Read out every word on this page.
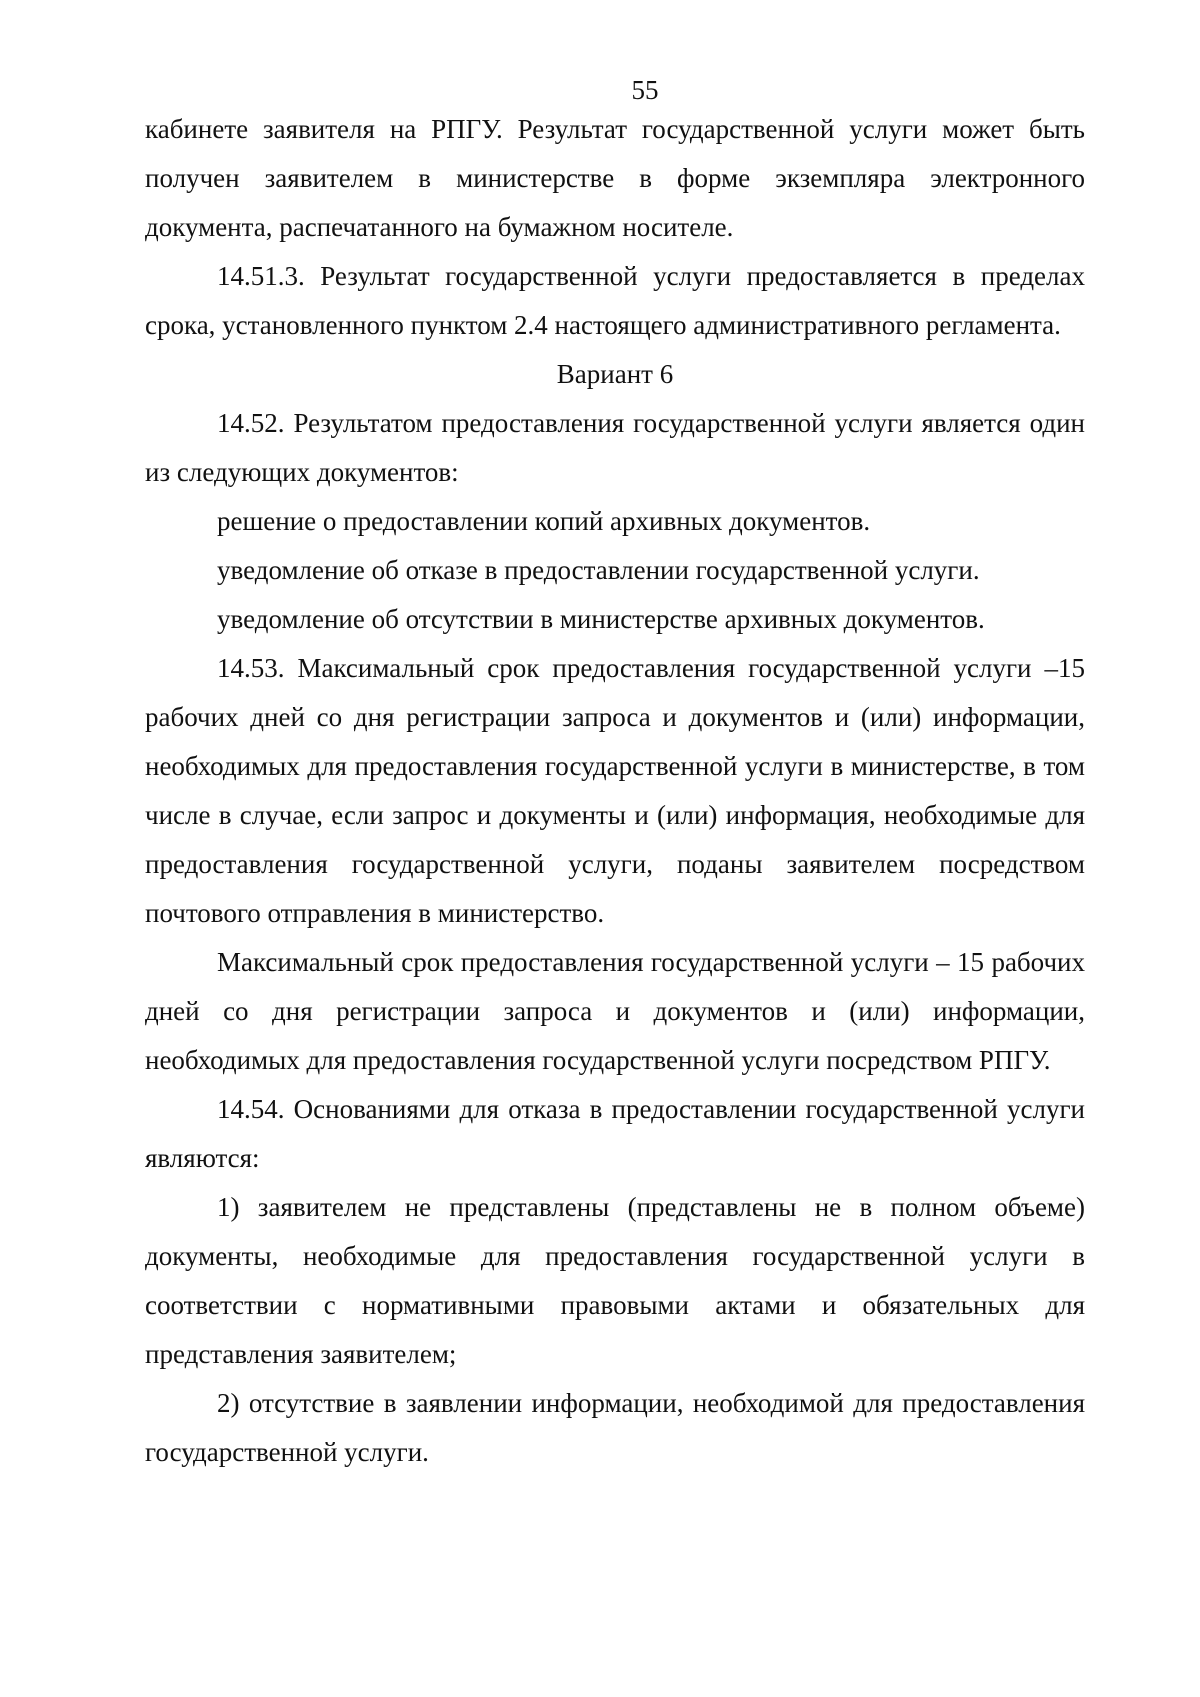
55

кабинете заявителя на РПГУ. Результат государственной услуги может быть получен заявителем в министерстве в форме экземпляра электронного документа, распечатанного на бумажном носителе.

14.51.3. Результат государственной услуги предоставляется в пределах срока, установленного пунктом 2.4 настоящего административного регламента.

Вариант 6

14.52. Результатом предоставления государственной услуги является один из следующих документов:

решение о предоставлении копий архивных документов.

уведомление об отказе в предоставлении государственной услуги.

уведомление об отсутствии в министерстве архивных документов.

14.53. Максимальный срок предоставления государственной услуги –15 рабочих дней со дня регистрации запроса и документов и (или) информации, необходимых для предоставления государственной услуги в министерстве, в том числе в случае, если запрос и документы и (или) информация, необходимые для предоставления государственной услуги, поданы заявителем посредством почтового отправления в министерство.

Максимальный срок предоставления государственной услуги – 15 рабочих дней со дня регистрации запроса и документов и (или) информации, необходимых для предоставления государственной услуги посредством РПГУ.

14.54. Основаниями для отказа в предоставлении государственной услуги являются:

1) заявителем не представлены (представлены не в полном объеме) документы, необходимые для предоставления государственной услуги в соответствии с нормативными правовыми актами и обязательных для представления заявителем;

2) отсутствие в заявлении информации, необходимой для предоставления государственной услуги.
